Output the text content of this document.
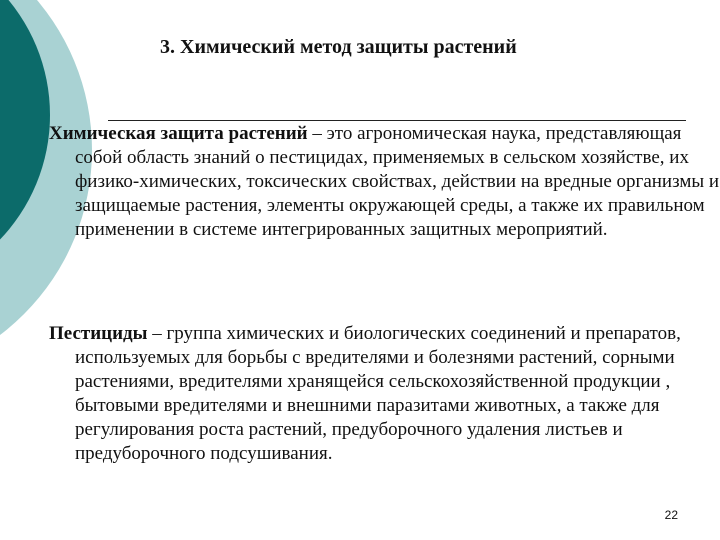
3. Химический метод защиты растений
Химическая защита растений – это агрономическая наука, представляющая собой область знаний о пестицидах, применяемых в сельском хозяйстве, их физико-химических, токсических свойствах, действии на вредные организмы и защищаемые растения, элементы окружающей среды, а также их правильном применении в системе интегрированных защитных мероприятий.
Пестициды – группа химических и биологических соединений и препаратов, используемых для борьбы с вредителями и болезнями растений, сорными растениями, вредителями хранящейся сельскохозяйственной продукции , бытовыми вредителями и внешними паразитами животных, а также для регулирования роста растений, предуборочного удаления листьев и предуборочного подсушивания.
22
